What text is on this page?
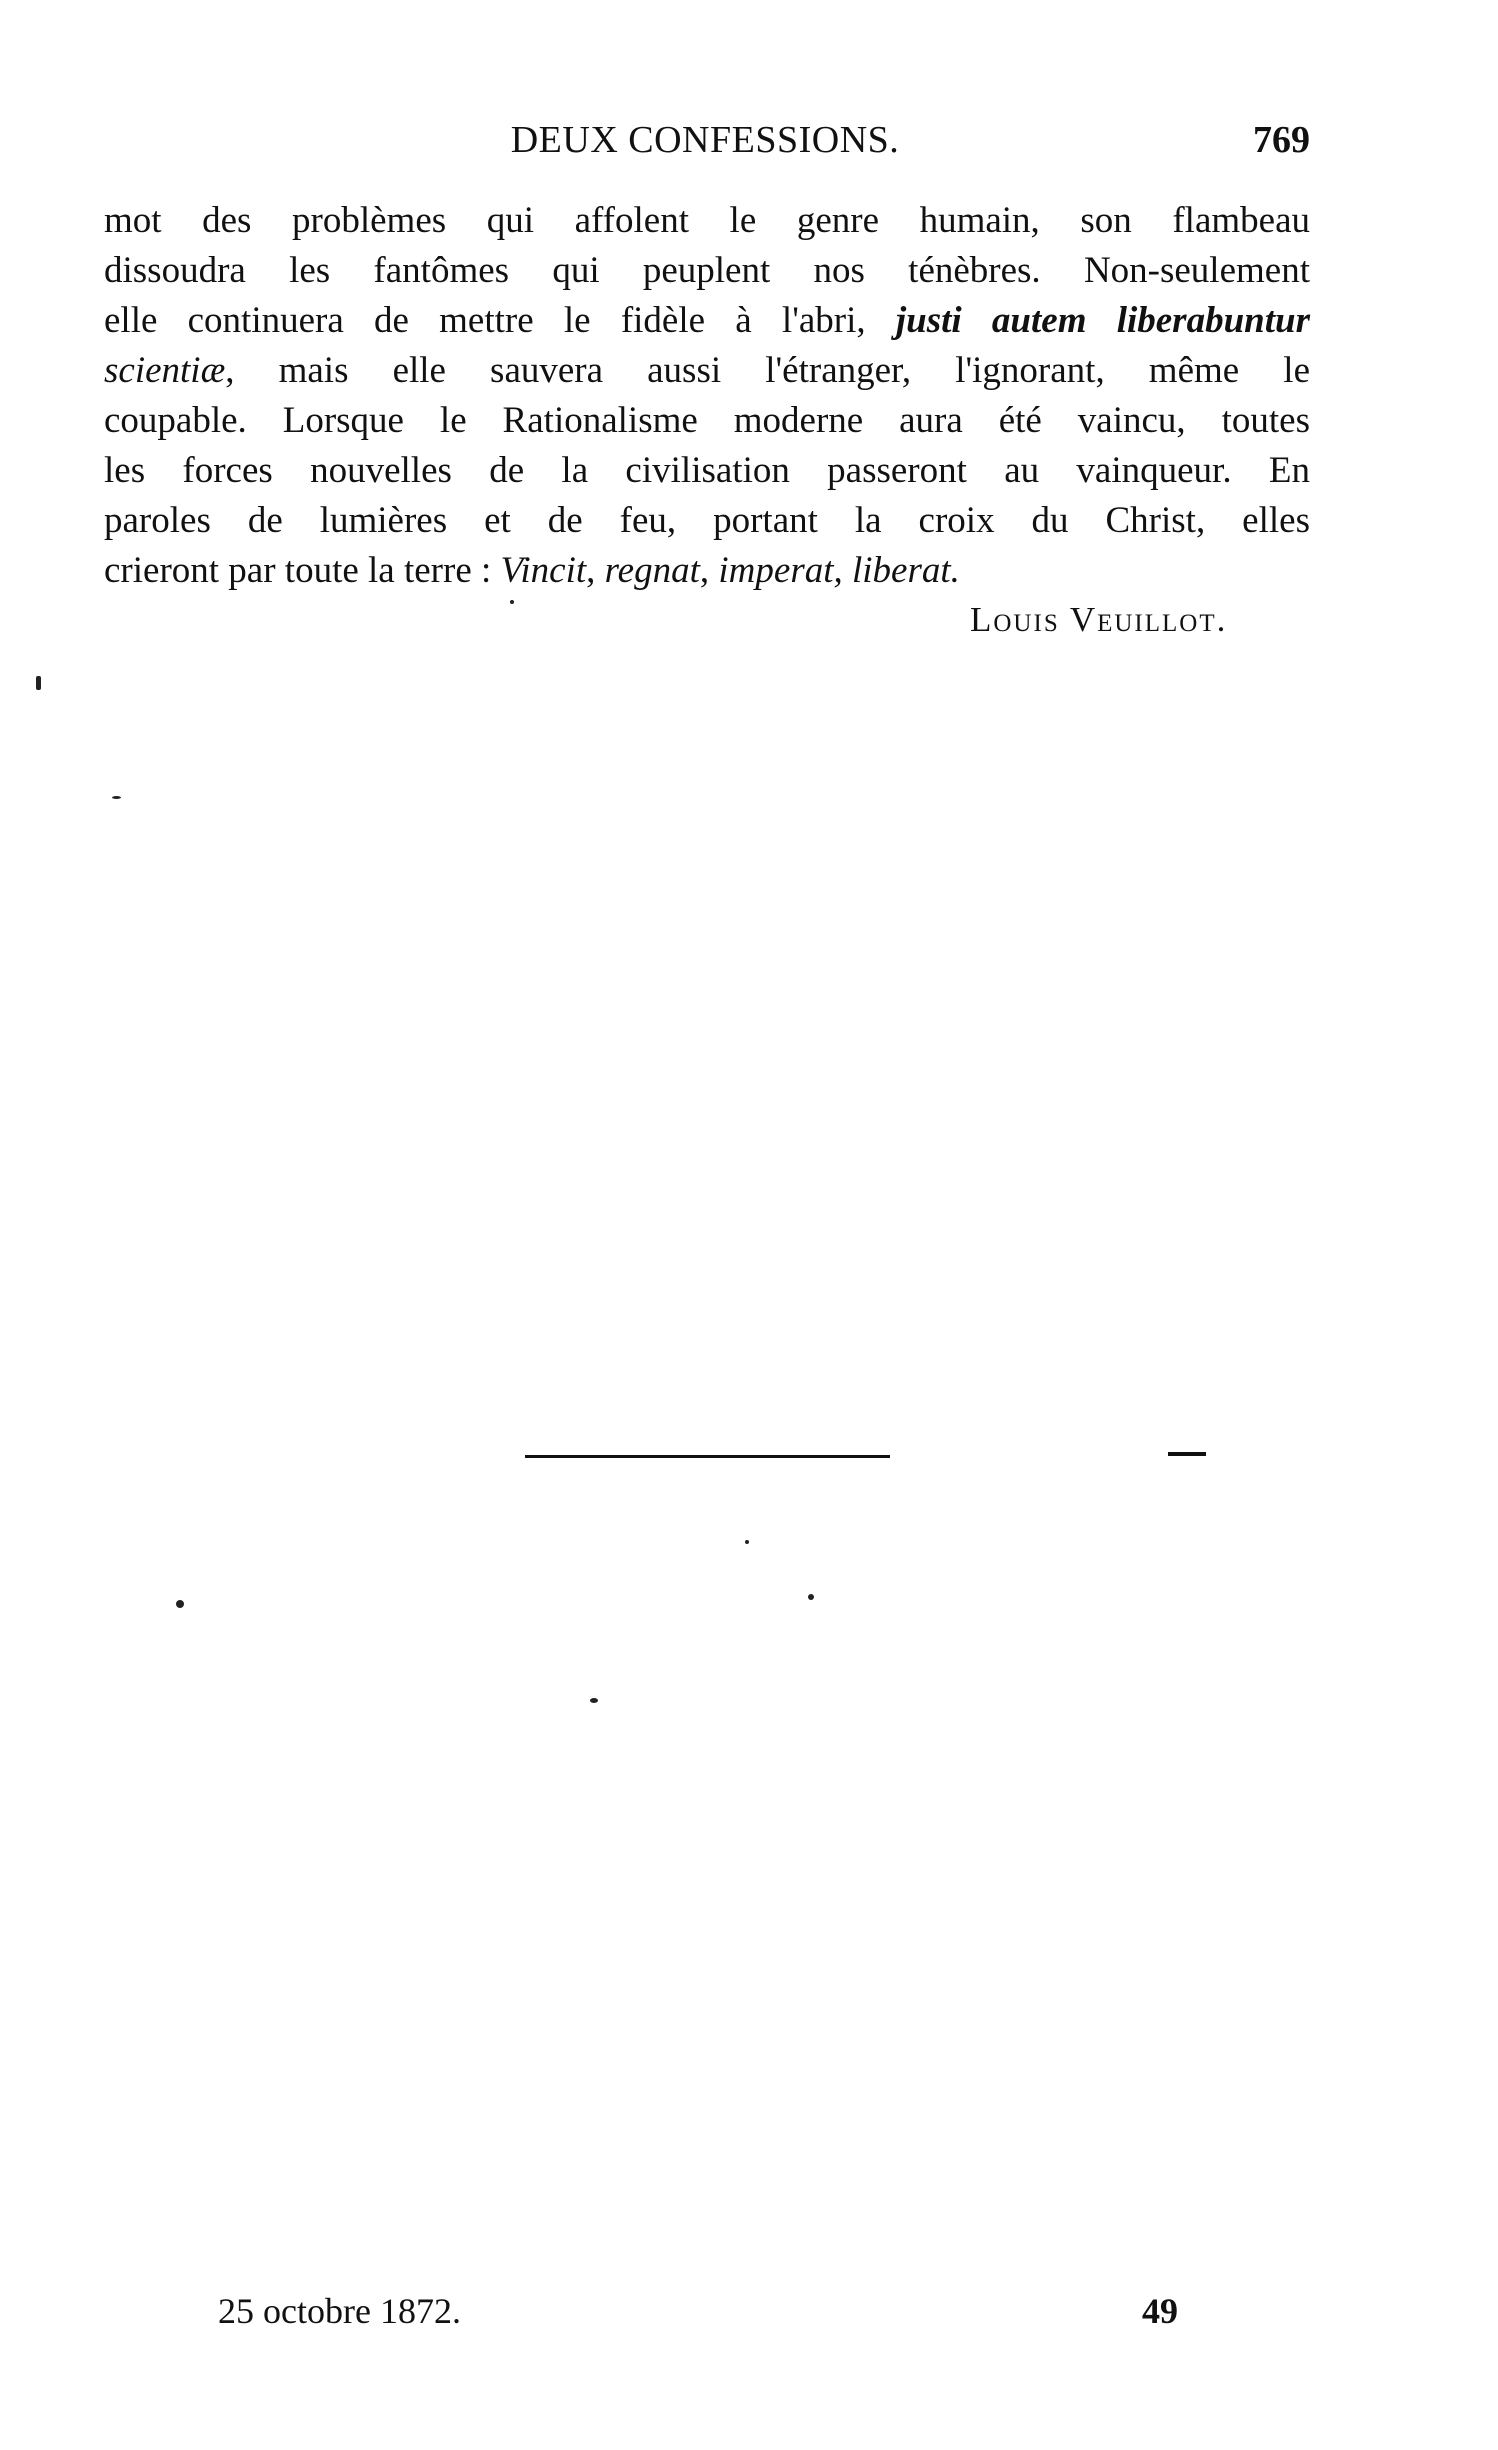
DEUX CONFESSIONS.	769
mot des problèmes qui affolent le genre humain, son flambeau
dissoudra les fantômes qui peuplent nos ténèbres. Non-seulement
elle continuera de mettre le fidèle à l'abri, justi autem liberabuntur
scientiæ, mais elle sauvera aussi l'étranger, l'ignorant, même le
coupable. Lorsque le Rationalisme moderne aura été vaincu, toutes
les forces nouvelles de la civilisation passeront au vainqueur. En
paroles de lumières et de feu, portant la croix du Christ, elles
crieront par toute la terre : Vincit, regnat, imperat, liberat.
Louis Veuillot.
25 octobre 1872.	49
